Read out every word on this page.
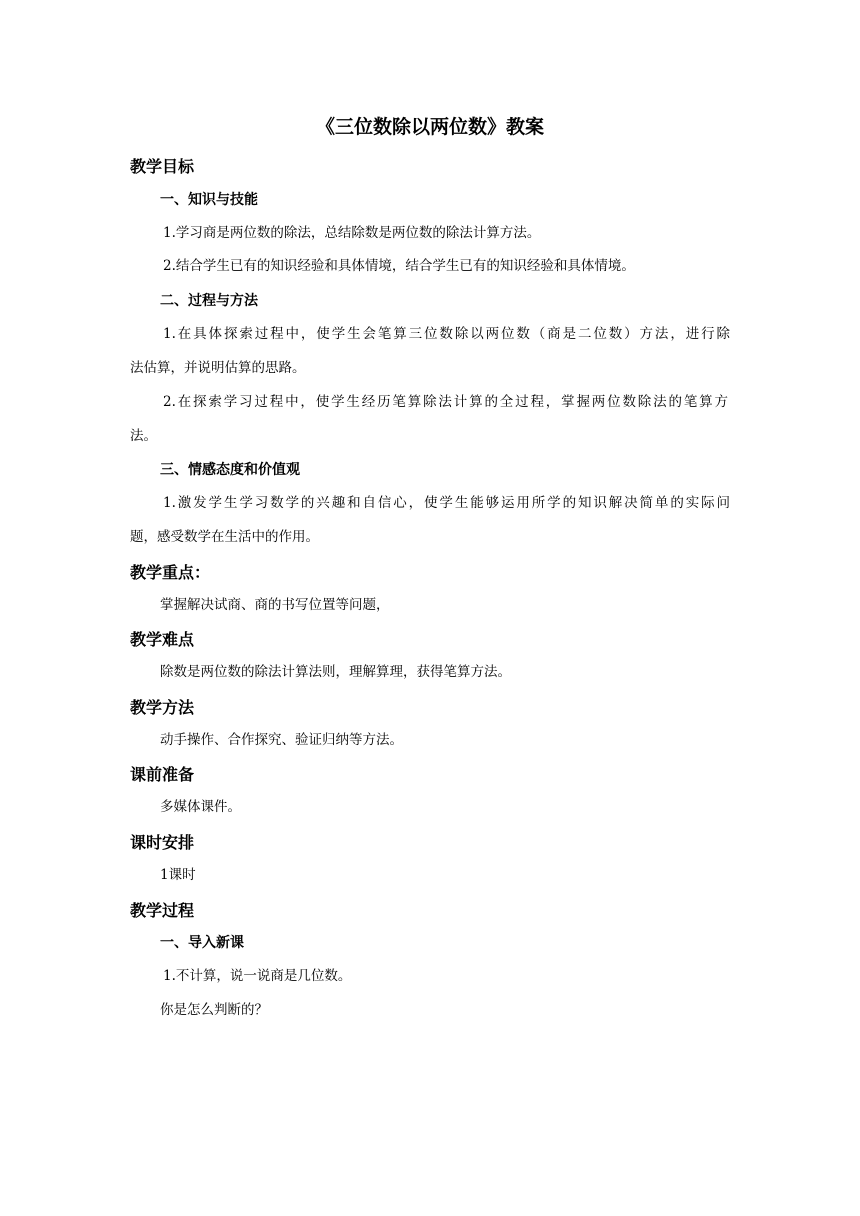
《三位数除以两位数》教案
教学目标
一、知识与技能
1.学习商是两位数的除法，总结除数是两位数的除法计算方法。
2.结合学生已有的知识经验和具体情境，结合学生已有的知识经验和具体情境。
二、过程与方法
1.在具体探索过程中，使学生会笔算三位数除以两位数（商是二位数）方法，进行除
法估算，并说明估算的思路。
2.在探索学习过程中，使学生经历笔算除法计算的全过程，掌握两位数除法的笔算方
法。
三、情感态度和价值观
1.激发学生学习数学的兴趣和自信心，使学生能够运用所学的知识解决简单的实际问
题，感受数学在生活中的作用。
教学重点：
掌握解决试商、商的书写位置等问题，
教学难点
除数是两位数的除法计算法则，理解算理，获得笔算方法。
教学方法
动手操作、合作探究、验证归纳等方法。
课前准备
多媒体课件。
课时安排
1课时
教学过程
一、导入新课
1.不计算，说一说商是几位数。
你是怎么判断的？
